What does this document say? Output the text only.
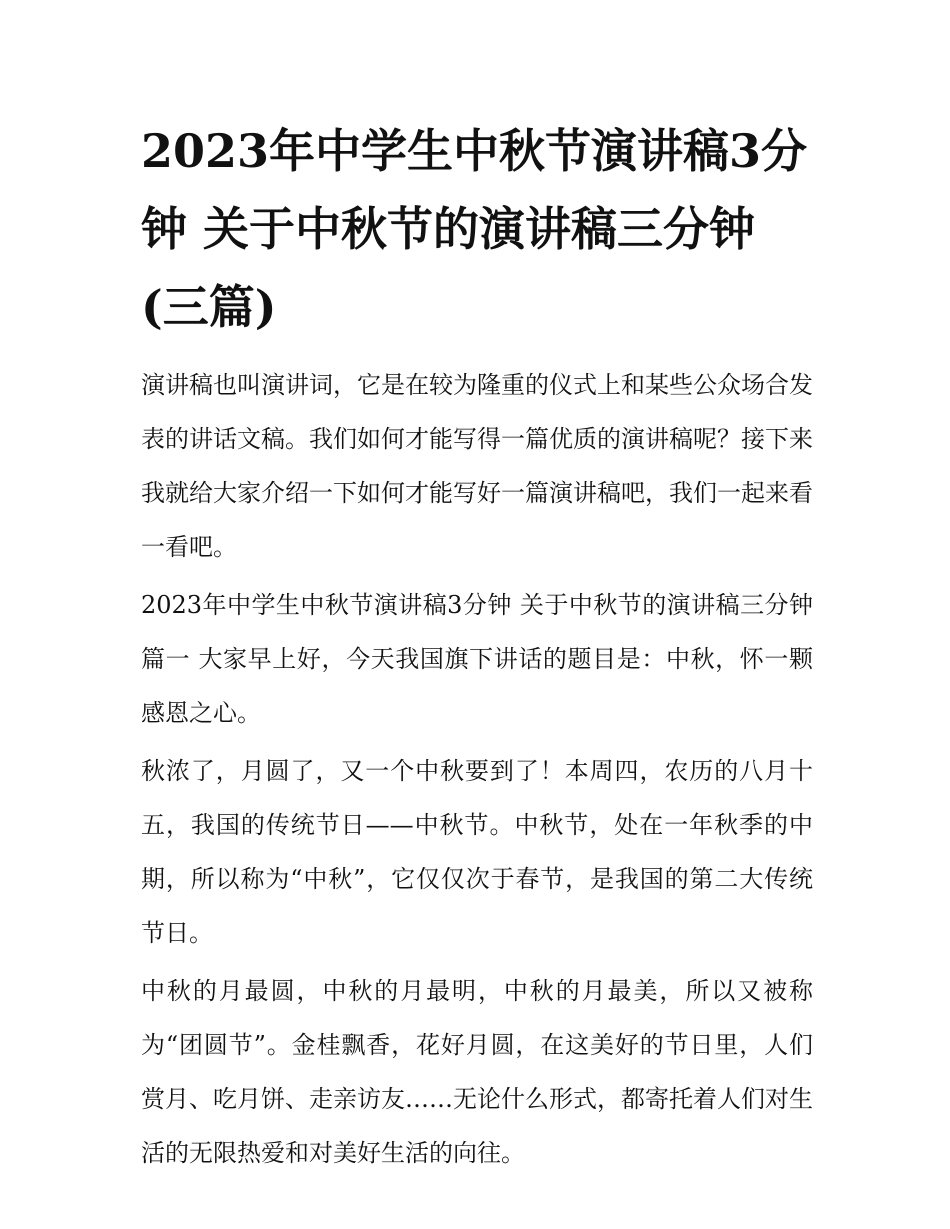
2023年中学生中秋节演讲稿3分钟 关于中秋节的演讲稿三分钟(三篇)

演讲稿也叫演讲词，它是在较为隆重的仪式上和某些公众场合发表的讲话文稿。我们如何才能写得一篇优质的演讲稿呢？接下来我就给大家介绍一下如何才能写好一篇演讲稿吧，我们一起来看一看吧。

2023年中学生中秋节演讲稿3分钟 关于中秋节的演讲稿三分钟篇一 大家早上好，今天我国旗下讲话的题目是：中秋，怀一颗感恩之心。

秋浓了，月圆了，又一个中秋要到了！本周四，农历的八月十五，我国的传统节日——中秋节。中秋节，处在一年秋季的中期，所以称为“中秋”，它仅仅次于春节，是我国的第二大传统节日。

中秋的月最圆，中秋的月最明，中秋的月最美，所以又被称为“团圆节”。金桂飘香，花好月圆，在这美好的节日里，人们赏月、吃月饼、走亲访友……无论什么形式，都寄托着人们对生活的无限热爱和对美好生活的向往。
